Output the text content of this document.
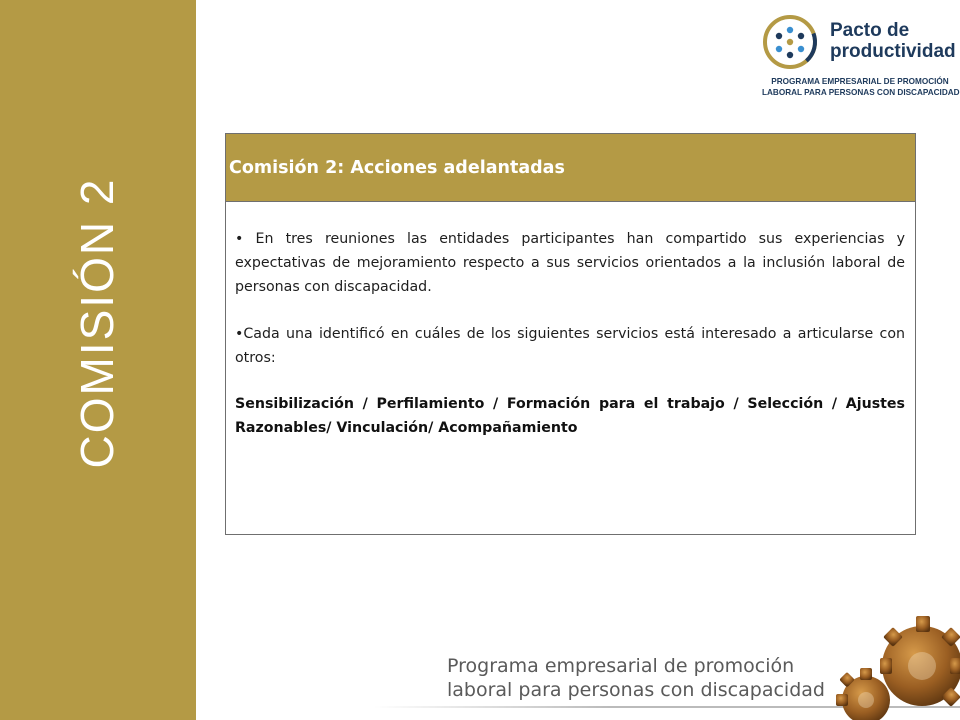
COMISIÓN 2
Pacto de
productividad
PROGRAMA EMPRESARIAL DE PROMOCIÓN
LABORAL PARA PERSONAS CON DISCAPACIDAD
Comisión 2: Acciones adelantadas

• En tres reuniones las entidades participantes han compartido sus experiencias y expectativas de mejoramiento respecto a sus servicios orientados a la inclusión laboral de personas con discapacidad.

•Cada una identificó en cuáles de los siguientes servicios está interesado a articularse con otros:

Sensibilización / Perfilamiento / Formación para el trabajo / Selección / Ajustes Razonables/ Vinculación/ Acompañamiento
Programa empresarial de promoción
laboral para personas con discapacidad
